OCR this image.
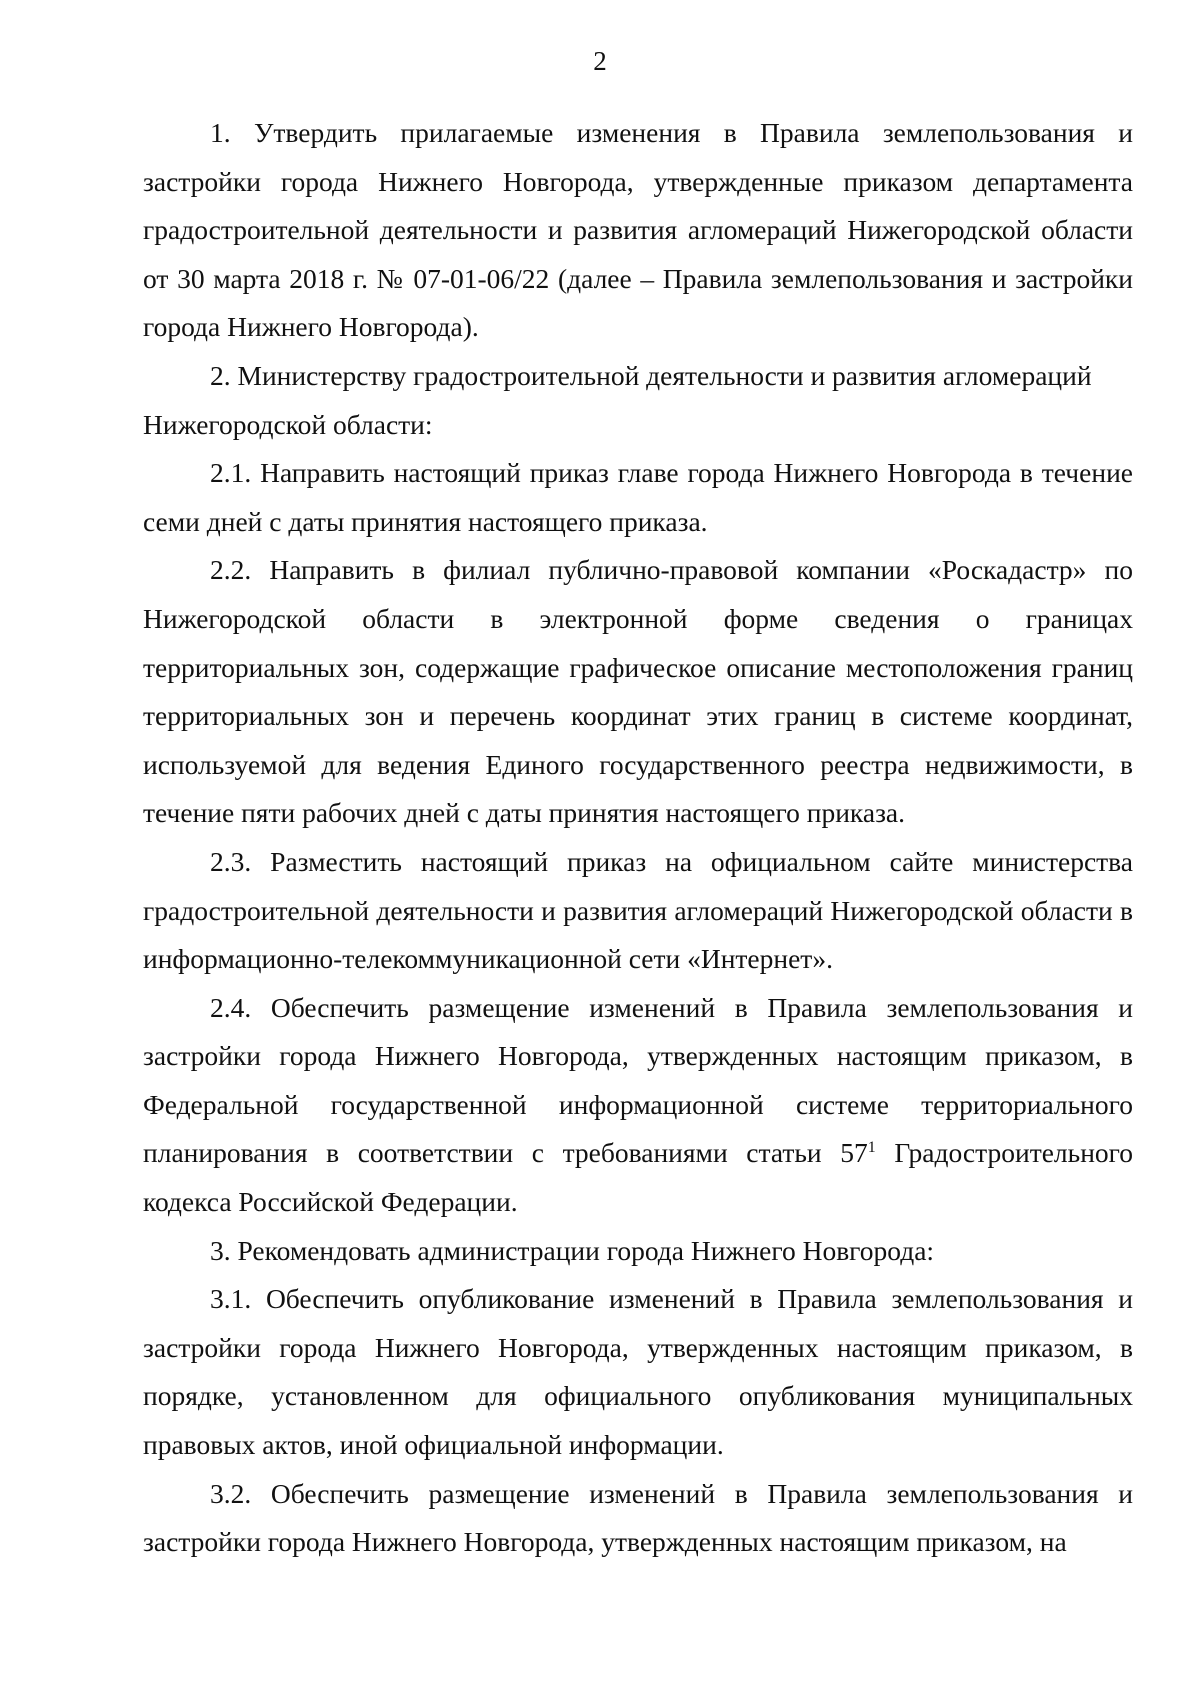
2

1. Утвердить прилагаемые изменения в Правила землепользования и застройки города Нижнего Новгорода, утвержденные приказом департамента градостроительной деятельности и развития агломераций Нижегородской области от 30 марта 2018 г. № 07-01-06/22 (далее – Правила землепользования и застройки города Нижнего Новгорода).

2. Министерству градостроительной деятельности и развития агломераций Нижегородской области:

2.1. Направить настоящий приказ главе города Нижнего Новгорода в течение семи дней с даты принятия настоящего приказа.

2.2. Направить в филиал публично-правовой компании «Роскадастр» по Нижегородской области в электронной форме сведения о границах территориальных зон, содержащие графическое описание местоположения границ территориальных зон и перечень координат этих границ в системе координат, используемой для ведения Единого государственного реестра недвижимости, в течение пяти рабочих дней с даты принятия настоящего приказа.

2.3. Разместить настоящий приказ на официальном сайте министерства градостроительной деятельности и развития агломераций Нижегородской области в информационно-телекоммуникационной сети «Интернет».

2.4. Обеспечить размещение изменений в Правила землепользования и застройки города Нижнего Новгорода, утвержденных настоящим приказом, в Федеральной государственной информационной системе территориального планирования в соответствии с требованиями статьи $57^1$ Градостроительного кодекса Российской Федерации.

3. Рекомендовать администрации города Нижнего Новгорода:

3.1. Обеспечить опубликование изменений в Правила землепользования и застройки города Нижнего Новгорода, утвержденных настоящим приказом, в порядке, установленном для официального опубликования муниципальных правовых актов, иной официальной информации.

3.2. Обеспечить размещение изменений в Правила землепользования и застройки города Нижнего Новгорода, утвержденных настоящим приказом, на
